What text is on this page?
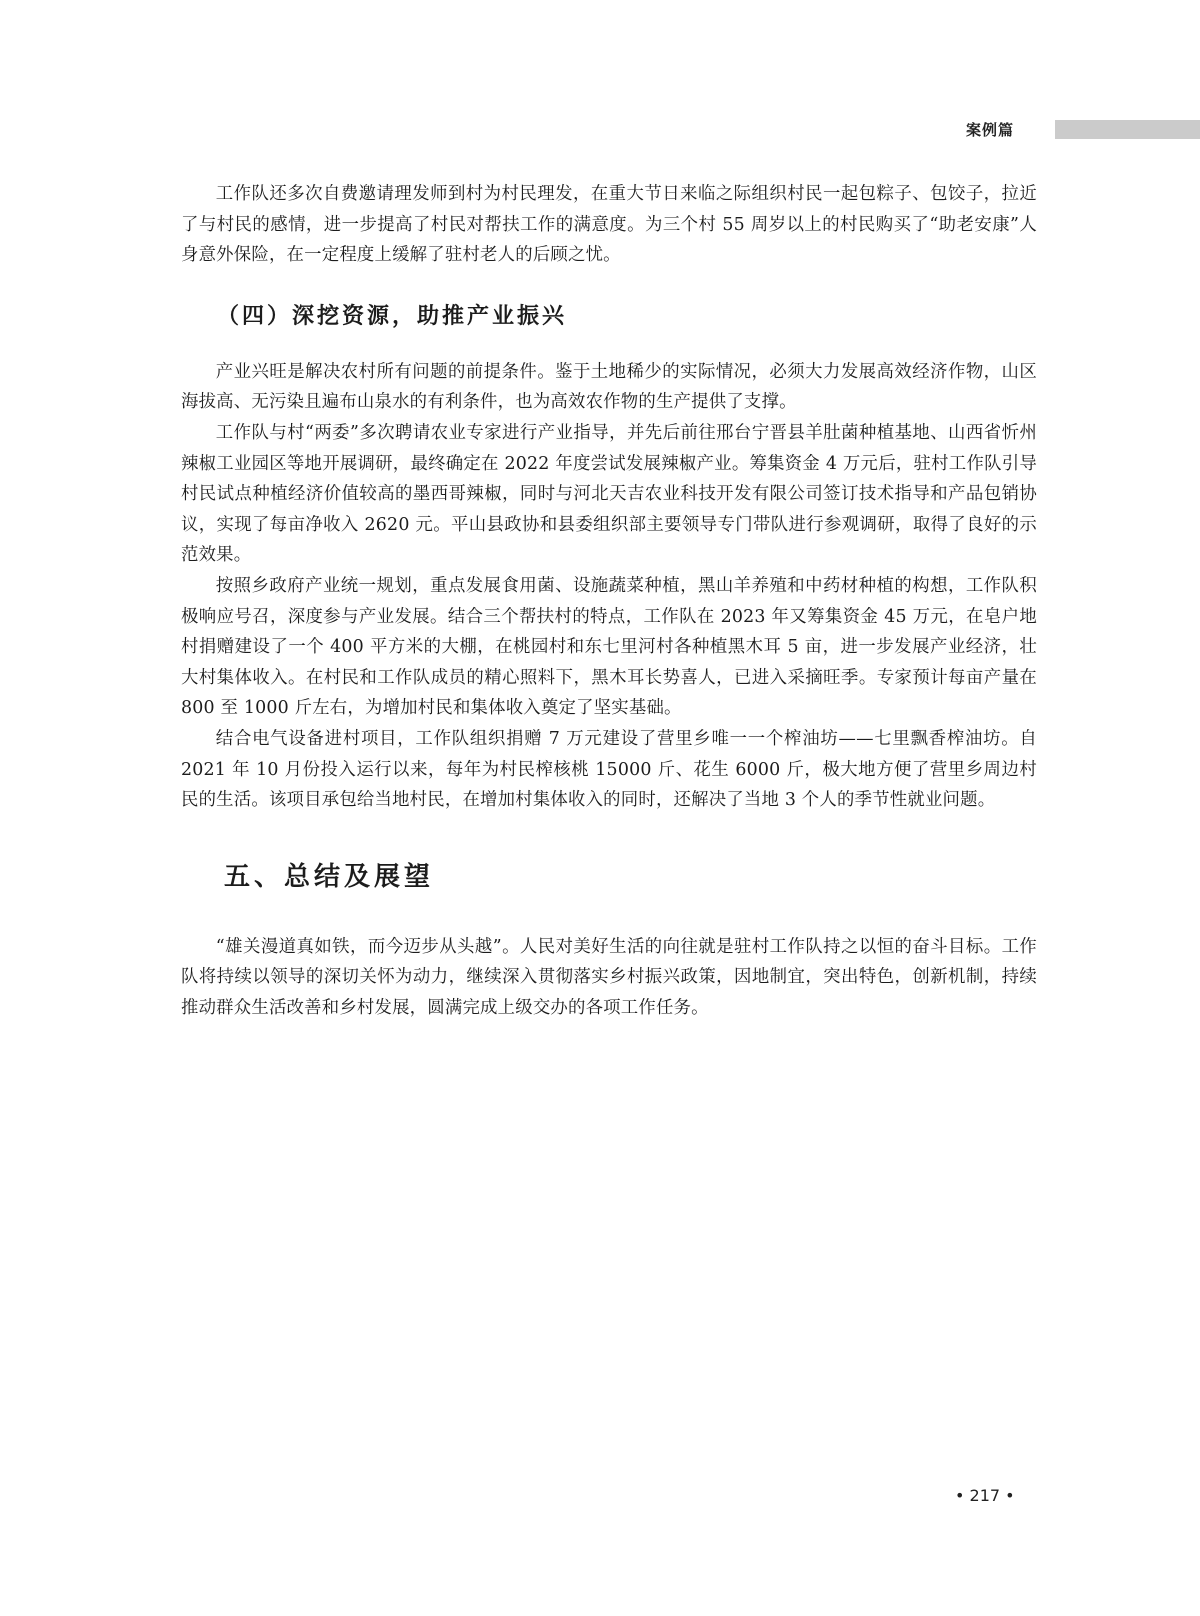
案例篇

工作队还多次自费邀请理发师到村为村民理发，在重大节日来临之际组织村民一起包粽子、包饺子，拉近了与村民的感情，进一步提高了村民对帮扶工作的满意度。为三个村 55 周岁以上的村民购买了“助老安康”人身意外保险，在一定程度上缓解了驻村老人的后顾之忧。

（四）深挖资源，助推产业振兴

产业兴旺是解决农村所有问题的前提条件。鉴于土地稀少的实际情况，必须大力发展高效经济作物，山区海拔高、无污染且遍布山泉水的有利条件，也为高效农作物的生产提供了支撑。

工作队与村“两委”多次聘请农业专家进行产业指导，并先后前往邢台宁晋县羊肚菌种植基地、山西省忻州辣椒工业园区等地开展调研，最终确定在 2022 年度尝试发展辣椒产业。筹集资金 4 万元后，驻村工作队引导村民试点种植经济价值较高的墨西哥辣椒，同时与河北天吉农业科技开发有限公司签订技术指导和产品包销协议，实现了每亩净收入 2620 元。平山县政协和县委组织部主要领导专门带队进行参观调研，取得了良好的示范效果。

按照乡政府产业统一规划，重点发展食用菌、设施蔬菜种植，黑山羊养殖和中药材种植的构想，工作队积极响应号召，深度参与产业发展。结合三个帮扶村的特点，工作队在 2023 年又筹集资金 45 万元，在皂户地村捐赠建设了一个 400 平方米的大棚，在桃园村和东七里河村各种植黑木耳 5 亩，进一步发展产业经济，壮大村集体收入。在村民和工作队成员的精心照料下，黑木耳长势喜人，已进入采摘旺季。专家预计每亩产量在 800 至 1000 斤左右，为增加村民和集体收入奠定了坚实基础。

结合电气设备进村项目，工作队组织捐赠 7 万元建设了营里乡唯一一个榨油坊——七里飘香榨油坊。自 2021 年 10 月份投入运行以来，每年为村民榨核桃 15000 斤、花生 6000 斤，极大地方便了营里乡周边村民的生活。该项目承包给当地村民，在增加村集体收入的同时，还解决了当地 3 个人的季节性就业问题。

五、总结及展望

“雄关漫道真如铁，而今迈步从头越”。人民对美好生活的向往就是驻村工作队持之以恒的奋斗目标。工作队将持续以领导的深切关怀为动力，继续深入贯彻落实乡村振兴政策，因地制宜，突出特色，创新机制，持续推动群众生活改善和乡村发展，圆满完成上级交办的各项工作任务。

• 217 •
